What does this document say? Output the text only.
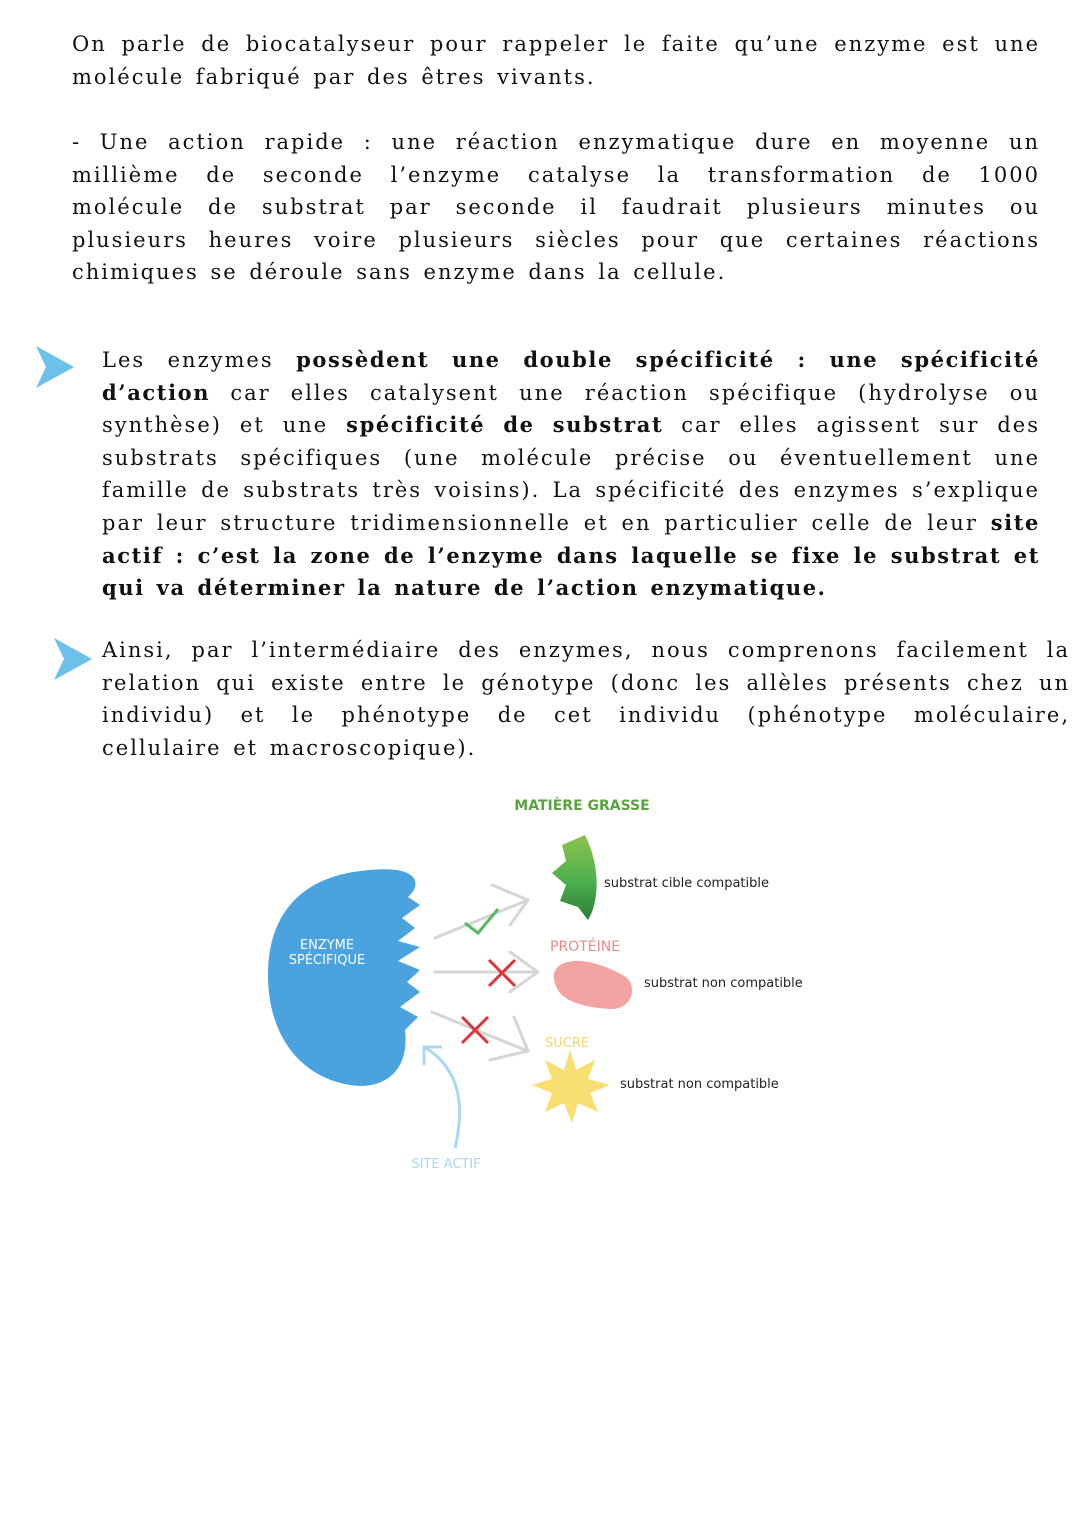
On parle de biocatalyseur pour rappeler le faite qu’une enzyme est une molécule fabriqué par des êtres vivants.
- Une action rapide : une réaction enzymatique dure en moyenne un millième de seconde l’enzyme catalyse la transformation de 1000 molécule de substrat par seconde il faudrait plusieurs minutes ou plusieurs heures voire plusieurs siècles pour que certaines réactions chimiques se déroule sans enzyme dans la cellule.
Les enzymes possèdent une double spécificité : une spécificité d’action car elles catalysent une réaction spécifique (hydrolyse ou synthèse) et une spécificité de substrat car elles agissent sur des substrats spécifiques (une molécule précise ou éventuellement une famille de substrats très voisins). La spécificité des enzymes s’explique par leur structure tridimensionnelle et en particulier celle de leur site actif : c’est la zone de l’enzyme dans laquelle se fixe le substrat et qui va déterminer la nature de l’action enzymatique.
Ainsi, par l’intermédiaire des enzymes, nous comprenons facilement la relation qui existe entre le génotype (donc les allèles présents chez un individu) et le phénotype de cet individu (phénotype moléculaire, cellulaire et macroscopique).
ENZYME
SPÉCIFIQUE
SITE ACTIF
MATIÈRE GRASSE
substrat cible compatible
PROTÉINE
substrat non compatible
SUCRE
substrat non compatible
